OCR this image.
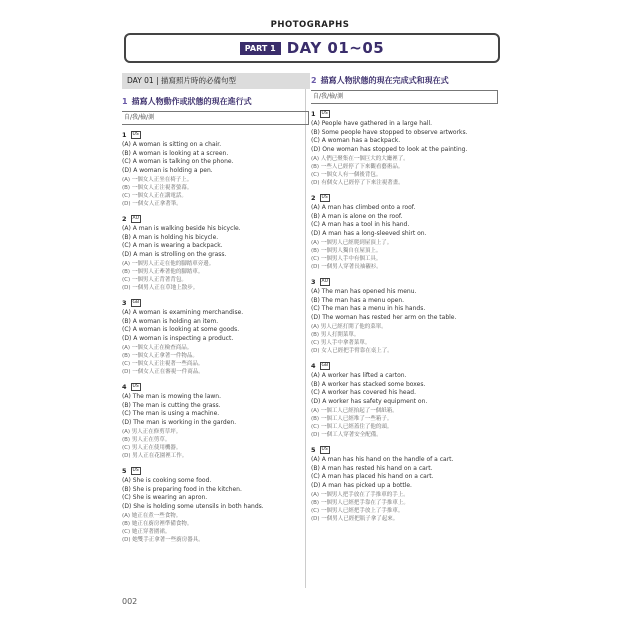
PHOTOGRAPHS
PART 1 DAY 01~05
DAY 01 | 描寫照片時的必備句型
1 描寫人物動作或狀態的現在進行式
自/我/檢/測
1	US
(A) A woman is sitting on a chair.
(B) A woman is looking at a screen.
(C) A woman is talking on the phone.
(D) A woman is holding a pen.
(A) 一個女人正坐在椅子上。
(B) 一個女人正注視著螢幕。
(C) 一個女人正在講電話。
(D) 一個女人正拿著筆。
2	AU
(A) A man is walking beside his bicycle.
(B) A man is holding his bicycle.
(C) A man is wearing a backpack.
(D) A man is strolling on the grass.
(A) 一個男人正走在他的腳踏車旁邊。
(B) 一個男人正牽著他的腳踏車。
(C) 一個男人正背著背包。
(D) 一個男人正在草地上散步。
3	GB
(A) A woman is examining merchandise.
(B) A woman is holding an item.
(C) A woman is looking at some goods.
(D) A woman is inspecting a product.
(A) 一個女人正在檢查商品。
(B) 一個女人正拿著一件物品。
(C) 一個女人正注視著一些商品。
(D) 一個女人正在審視一件商品。
4	US
(A) The man is mowing the lawn.
(B) The man is cutting the grass.
(C) The man is using a machine.
(D) The man is working in the garden.
(A) 男人正在修剪草坪。
(B) 男人正在剪草。
(C) 男人正在使用機器。
(D) 男人正在花園裡工作。
5	US
(A) She is cooking some food.
(B) She is preparing food in the kitchen.
(C) She is wearing an apron.
(D) She is holding some utensils in both hands.
(A) 她正在煮一些食物。
(B) 她正在廚房裡準備食物。
(C) 她正穿著圍裙。
(D) 她雙手正拿著一些廚房器具。
2 描寫人物狀態的現在完成式和現在式
自/我/檢/測
1	US
(A) People have gathered in a large hall.
(B) Some people have stopped to observe artworks.
(C) A woman has a backpack.
(D) One woman has stopped to look at the painting.
(A) 人們已聚集在一個巨大的大廳裡了。
(B) 一些人已經停了下來觀看藝術品。
(C) 一個女人有一個後背包。
(D) 有個女人已經停了下來注視著畫。
2	US
(A) A man has climbed onto a roof.
(B) A man is alone on the roof.
(C) A man has a tool in his hand.
(D) A man has a long-sleeved shirt on.
(A) 一個男人已經爬到屋頂上了。
(B) 一個男人獨自在屋頂上。
(C) 一個男人手中有個工具。
(D) 一個男人穿著長袖襯衫。
3	AU
(A) The man has opened his menu.
(B) The man has a menu open.
(C) The man has a menu in his hands.
(D) The woman has rested her arm on the table.
(A) 男人已經打開了他的菜單。
(B) 男人打開菜單。
(C) 男人手中拿著菜單。
(D) 女人已經把手臂靠在桌上了。
4	GB
(A) A worker has lifted a carton.
(B) A worker has stacked some boxes.
(C) A worker has covered his head.
(D) A worker has safety equipment on.
(A) 一個工人已經抬起了一個紙箱。
(B) 一個工人已經堆了一些箱子。
(C) 一個工人已經蓋住了他的頭。
(D) 一個工人穿著安全配備。
5	US
(A) A man has his hand on the handle of a cart.
(B) A man has rested his hand on a cart.
(C) A man has placed his hand on a cart.
(D) A man has picked up a bottle.
(A) 一個男人把手放在了手推車的手上。
(B) 一個男人已經把手靠在了手推車上。
(C) 一個男人已經把手放上了手推車。
(D) 一個男人已經把瓶子拿了起來。
002
